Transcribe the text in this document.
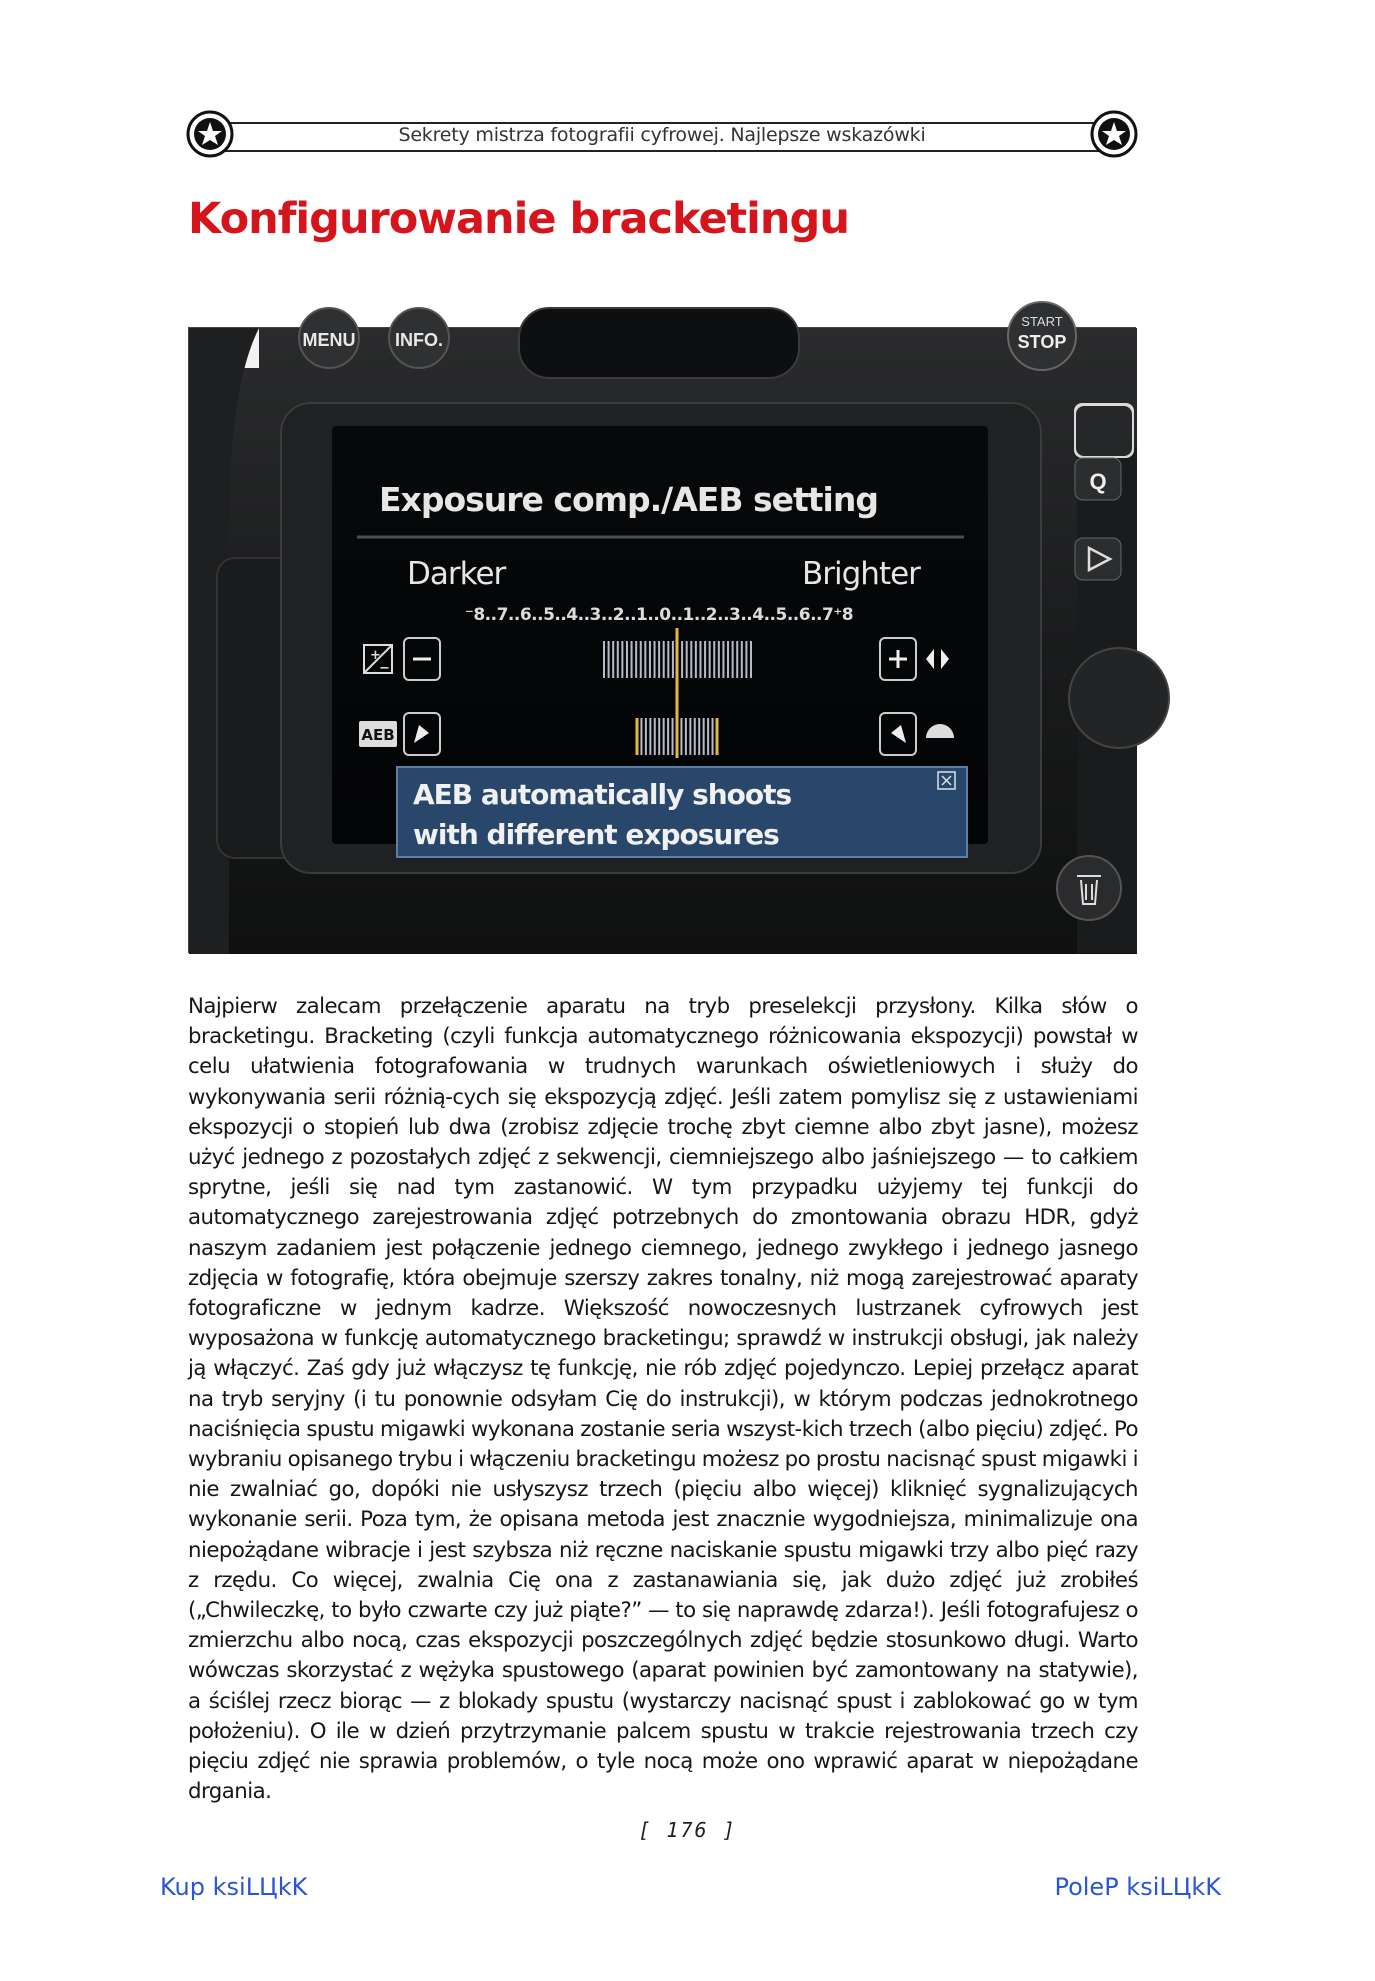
Sekrety mistrza fotografii cyfrowej. Najlepsze wskazówki
Konfigurowanie bracketingu
MENU INFO.
START
STOP
Q
Exposure comp./AEB setting
Darker	Brighter
⁻8..7..6..5..4..3..2..1..0..1..2..3..4..5..6..7⁺8
+
−
AEB
AEB automatically shoots
with different exposures

Najpierw zalecam przełączenie aparatu na tryb preselekcji przysłony. Kilka słów o bracketingu. Bracketing (czyli funkcja automatycznego różnicowania ekspozycji) powstał w celu ułatwienia fotografowania w trudnych warunkach oświetleniowych i służy do wykonywania serii różnią-​cych się ekspozycją zdjęć. Jeśli zatem pomylisz się z ustawieniami ekspozycji o stopień lub dwa (zrobisz zdjęcie trochę zbyt ciemne albo zbyt jasne), możesz użyć jednego z pozostałych zdjęć z sekwencji, ciemniejszego albo jaśniejszego — to całkiem sprytne, jeśli się nad tym zastanowić. W tym przypadku użyjemy tej funkcji do automatycznego zarejestrowania zdjęć potrzebnych do zmontowania obrazu HDR, gdyż naszym zadaniem jest połączenie jednego ciemnego, jednego zwykłego i jednego jasnego zdjęcia w fotografię, która obejmuje szerszy zakres tonalny, niż mogą zarejestrować aparaty fotograficzne w jednym kadrze. Większość nowoczesnych lustrzanek cyfrowych jest wyposażona w funkcję automatycznego bracketingu; sprawdź w instrukcji obsługi, jak należy ją włączyć. Zaś gdy już włączysz tę funkcję, nie rób zdjęć pojedynczo. Lepiej przełącz aparat na tryb seryjny (i tu ponownie odsyłam Cię do instrukcji), w którym podczas jednokrotnego naciśnięcia spustu migawki wykonana zostanie seria wszyst-​kich trzech (albo pięciu) zdjęć. Po wybraniu opisanego trybu i włączeniu bracketingu możesz po prostu nacisnąć spust migawki i nie zwalniać go, dopóki nie usłyszysz trzech (pięciu albo więcej) kliknięć sygnalizujących wykonanie serii. Poza tym, że opisana metoda jest znacznie wygodniejsza, minimalizuje ona niepożądane wibracje i jest szybsza niż ręczne naciskanie spustu migawki trzy albo pięć razy z rzędu. Co więcej, zwalnia Cię ona z zastanawiania się, jak dużo zdjęć już zrobiłeś („Chwileczkę, to było czwarte czy już piąte?” — to się naprawdę zdarza!). Jeśli fotografujesz o zmierzchu albo nocą, czas ekspozycji poszczególnych zdjęć będzie stosunkowo długi. Warto wówczas skorzystać z wężyka spustowego (aparat powinien być zamontowany na statywie), a ściślej rzecz biorąc — z blokady spustu (wystarczy nacisnąć spust i zablokować go w tym położeniu). O ile w dzień przytrzymanie palcem spustu w trakcie rejestrowania trzech czy pięciu zdjęć nie sprawia problemów, o tyle nocą może ono wprawić aparat w niepożądane drgania.

[ 176 ]
Kup ksiLЦkK	PoleP ksiLЦkK
